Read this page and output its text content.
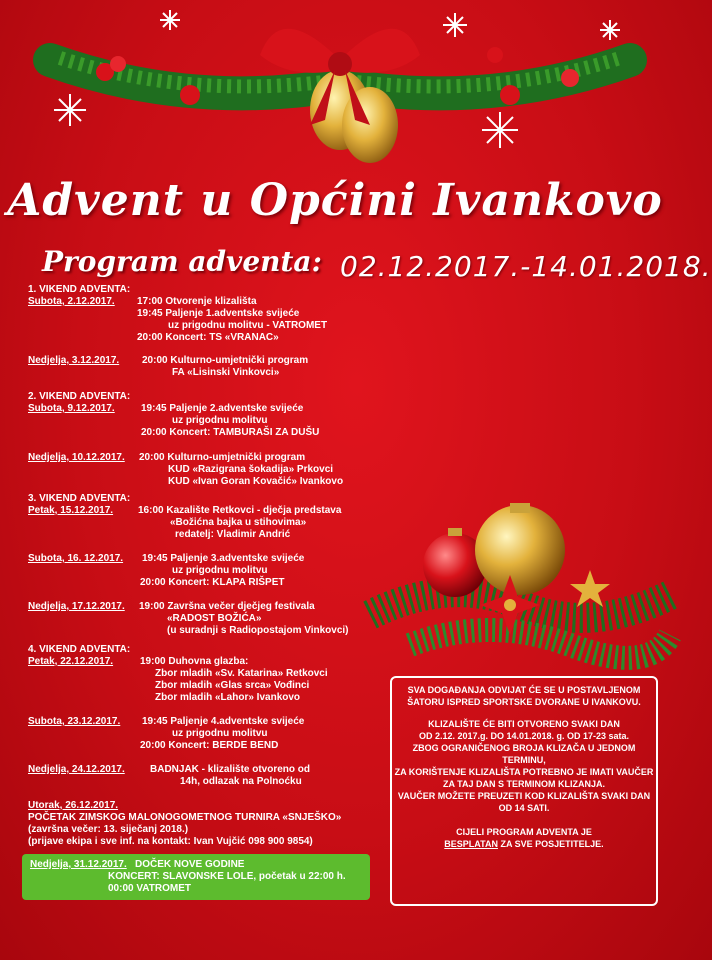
Advent u Općini Ivankovo
Program adventa: 02.12.2017.-14.01.2018.
1. VIKEND ADVENTA:
Subota, 2.12.2017. 17:00 Otvorenje klizališta
19:45 Paljenje 1.adventske svijeće
uz prigodnu molitvu - VATROMET
20:00 Koncert: TS «VRANAC»
Nedjelja, 3.12.2017. 20:00 Kulturno-umjetnički program
FA «Lisinski Vinkovci»
2. VIKEND ADVENTA:
Subota, 9.12.2017.	19:45 Paljenje 2.adventske svijeće
uz prigodnu molitvu
20:00 Koncert: TAMBURAŠI ZA DUŠU
Nedjelja, 10.12.2017. 20:00 Kulturno-umjetnički program
KUD «Razigrana šokadija» Prkovci
KUD «Ivan Goran Kovačić» Ivankovo
3. VIKEND ADVENTA:
Petak, 15.12.2017. 16:00 Kazalište Retkovci - dječja predstava
«Božićna bajka u stihovima»
redatelj: Vladimir Andrić
Subota, 16. 12.2017. 19:45 Paljenje 3.adventske svijeće
uz prigodnu molitvu
20:00 Koncert: KLAPA RIŠPET
Nedjelja, 17.12.2017. 19:00 Završna večer dječjeg festivala
«RADOST BOŽIĆA»
(u suradnji s Radiopostajom Vinkovci)
4. VIKEND ADVENTA:
Petak, 22.12.2017.	19:00 Duhovna glazba:
Zbor mladih «Sv. Katarina» Retkovci
Zbor mladih «Glas srca» Vođinci
Zbor mladih «Lahor» Ivankovo
Subota, 23.12.2017. 19:45 Paljenje 4.adventske svijeće
uz prigodnu molitvu
20:00 Koncert: BERDE BEND
Nedjelja, 24.12.2017.	BADNJAK - klizalište otvoreno od
14h, odlazak na Polnoćku
Utorak, 26.12.2017.
POČETAK ZIMSKOG MALONOGOMETNOG TURNIRA «SNJEŠKO»
(završna večer: 13. siječanj 2018.)
(prijave ekipa i sve inf. na kontakt: Ivan Vujčić 098 900 9854)
Nedjelja, 31.12.2017. DOČEK NOVE GODINE
KONCERT: SLAVONSKE LOLE, početak u 22:00 h.
00:00 VATROMET

SVA DOGAĐANJA ODVIJAT ĆE SE U POSTAVLJENOM ŠATORU ISPRED SPORTSKE DVORANE U IVANKOVU.

KLIZALIŠTE ĆE BITI OTVORENO SVAKI DAN
OD 2.12. 2017.g. DO 14.01.2018. g. OD 17-23 sata.
ZBOG OGRANIČENOG BROJA KLIZAČA U JEDNOM TERMINU,
ZA KORIŠTENJE KLIZALIŠTA POTREBNO JE IMATI VAUČER ZA TAJ DAN S TERMINOM KLIZANJA.
VAUČER MOŽETE PREUZETI KOD KLIZALIŠTA SVAKI DAN OD 14 SATI.

CIJELI PROGRAM ADVENTA JE
BESPLATAN ZA SVE POSJETITELJE.
